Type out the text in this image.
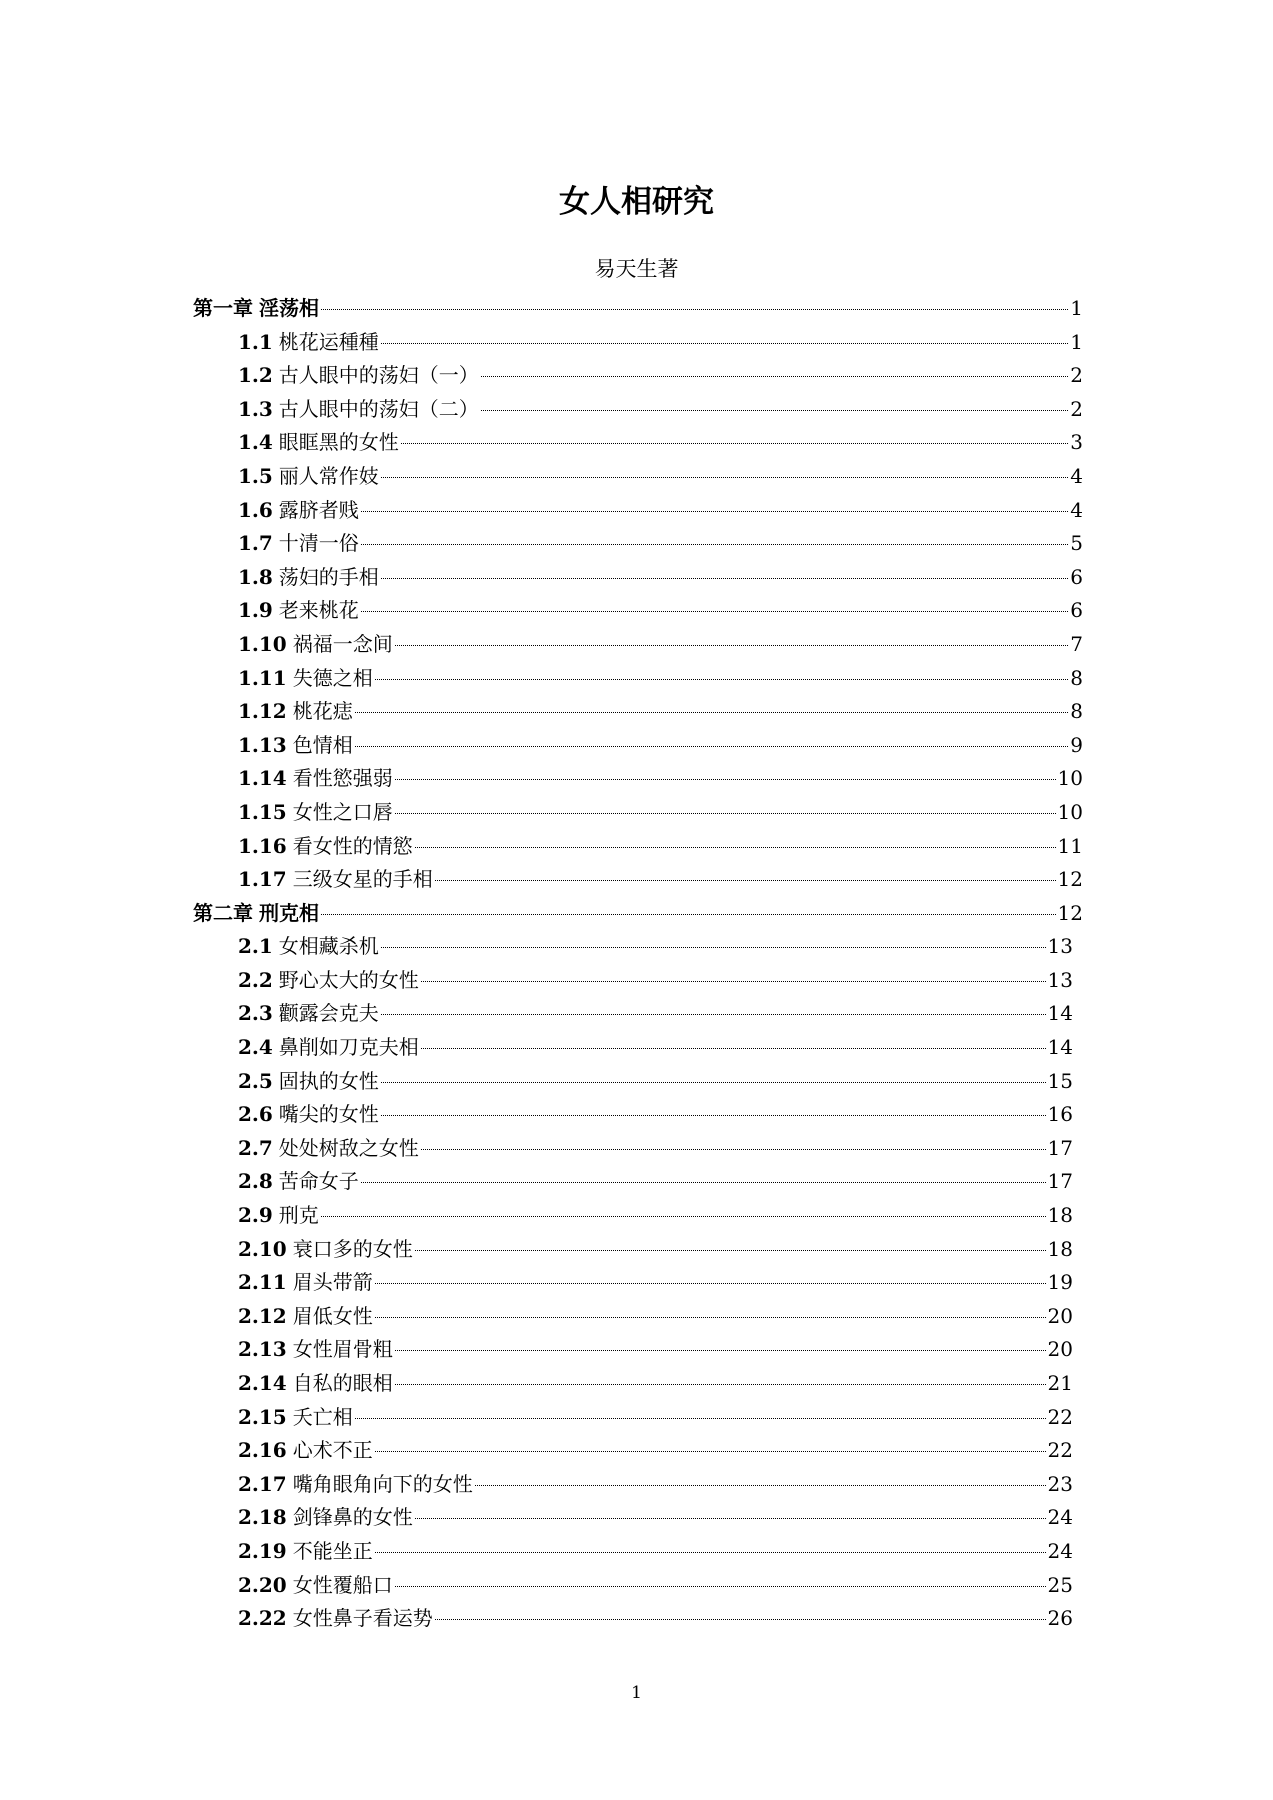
女人相研究
易天生著
第一章 淫荡相	1
1.1 桃花运種種	1
1.2 古人眼中的荡妇（一）	2
1.3 古人眼中的荡妇（二）	2
1.4 眼眶黑的女性	3
1.5 丽人常作妓	4
1.6 露脐者贱	4
1.7 十清一俗	5
1.8 荡妇的手相	6
1.9 老来桃花	6
1.10 祸福一念间	7
1.11 失德之相	8
1.12 桃花痣	8
1.13 色情相	9
1.14 看性慾强弱	10
1.15 女性之口唇	10
1.16 看女性的情慾	11
1.17 三级女星的手相	12
第二章 刑克相	12
2.1 女相藏杀机	13
2.2 野心太大的女性	13
2.3 颧露会克夫	14
2.4 鼻削如刀克夫相	14
2.5 固执的女性	15
2.6 嘴尖的女性	16
2.7 处处树敌之女性	17
2.8 苦命女子	17
2.9 刑克	18
2.10 衰口多的女性	18
2.11 眉头带箭	19
2.12 眉低女性	20
2.13 女性眉骨粗	20
2.14 自私的眼相	21
2.15 夭亡相	22
2.16 心术不正	22
2.17 嘴角眼角向下的女性	23
2.18 剑锋鼻的女性	24
2.19 不能坐正	24
2.20 女性覆船口	25
2.22 女性鼻子看运势	26
1
